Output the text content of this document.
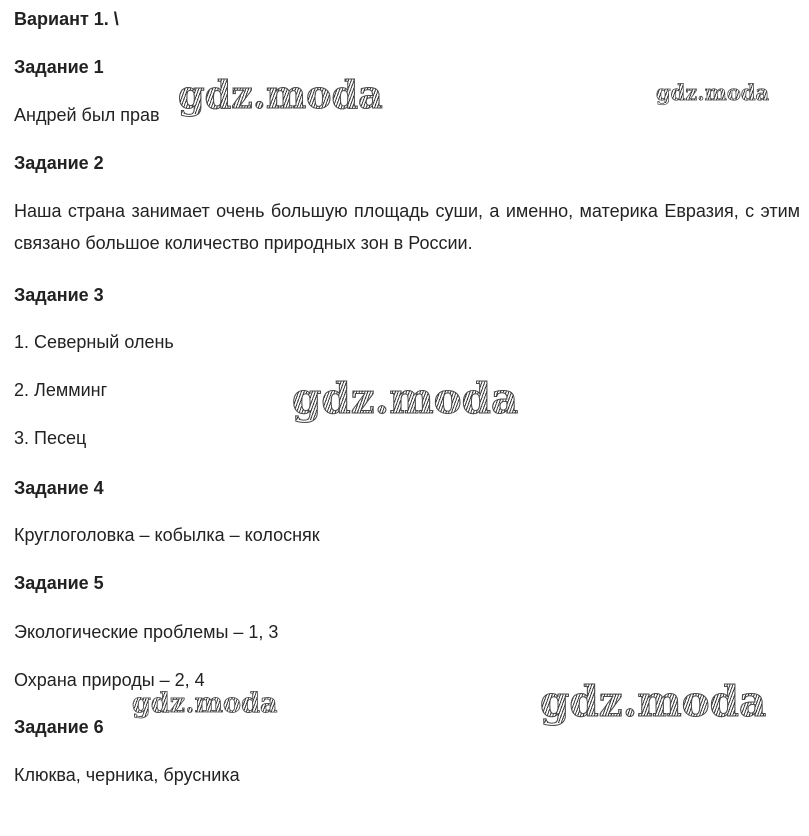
Вариант 1. \

Задание 1

Андрей был прав

Задание 2

Наша страна занимает очень большую площадь суши, а именно, материка Евразия, с этим связано большое количество природных зон в России.

Задание 3

1. Северный олень

2. Лемминг

3. Песец

Задание 4

Круглоголовка – кобылка – колосняк

Задание 5

Экологические проблемы – 1, 3

Охрана природы – 2, 4

Задание 6

Клюква, черника, брусника

gdz.moda	gdz.moda
gdz.moda
gdz.moda	gdz.moda
